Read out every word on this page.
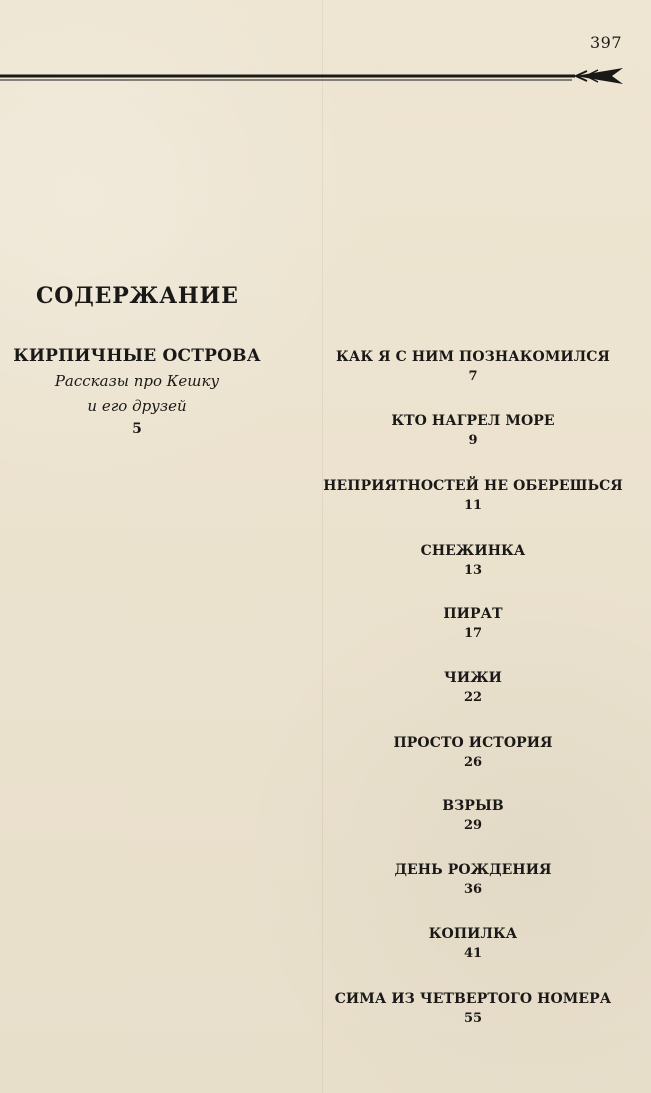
397
СОДЕРЖАНИЕ
КИРПИЧНЫЕ ОСТРОВА
Рассказы про Кешку
и его друзей
5
КАК Я С НИМ ПОЗНАКОМИЛСЯ
7
КТО НАГРЕЛ МОРЕ
9
НЕПРИЯТНОСТЕЙ НЕ ОБЕРЕШЬСЯ
11
СНЕЖИНКА
13
ПИРАТ
17
ЧИЖИ
22
ПРОСТО ИСТОРИЯ
26
ВЗРЫВ
29
ДЕНЬ РОЖДЕНИЯ
36
КОПИЛКА
41
СИМА ИЗ ЧЕТВЕРТОГО НОМЕРА
55
